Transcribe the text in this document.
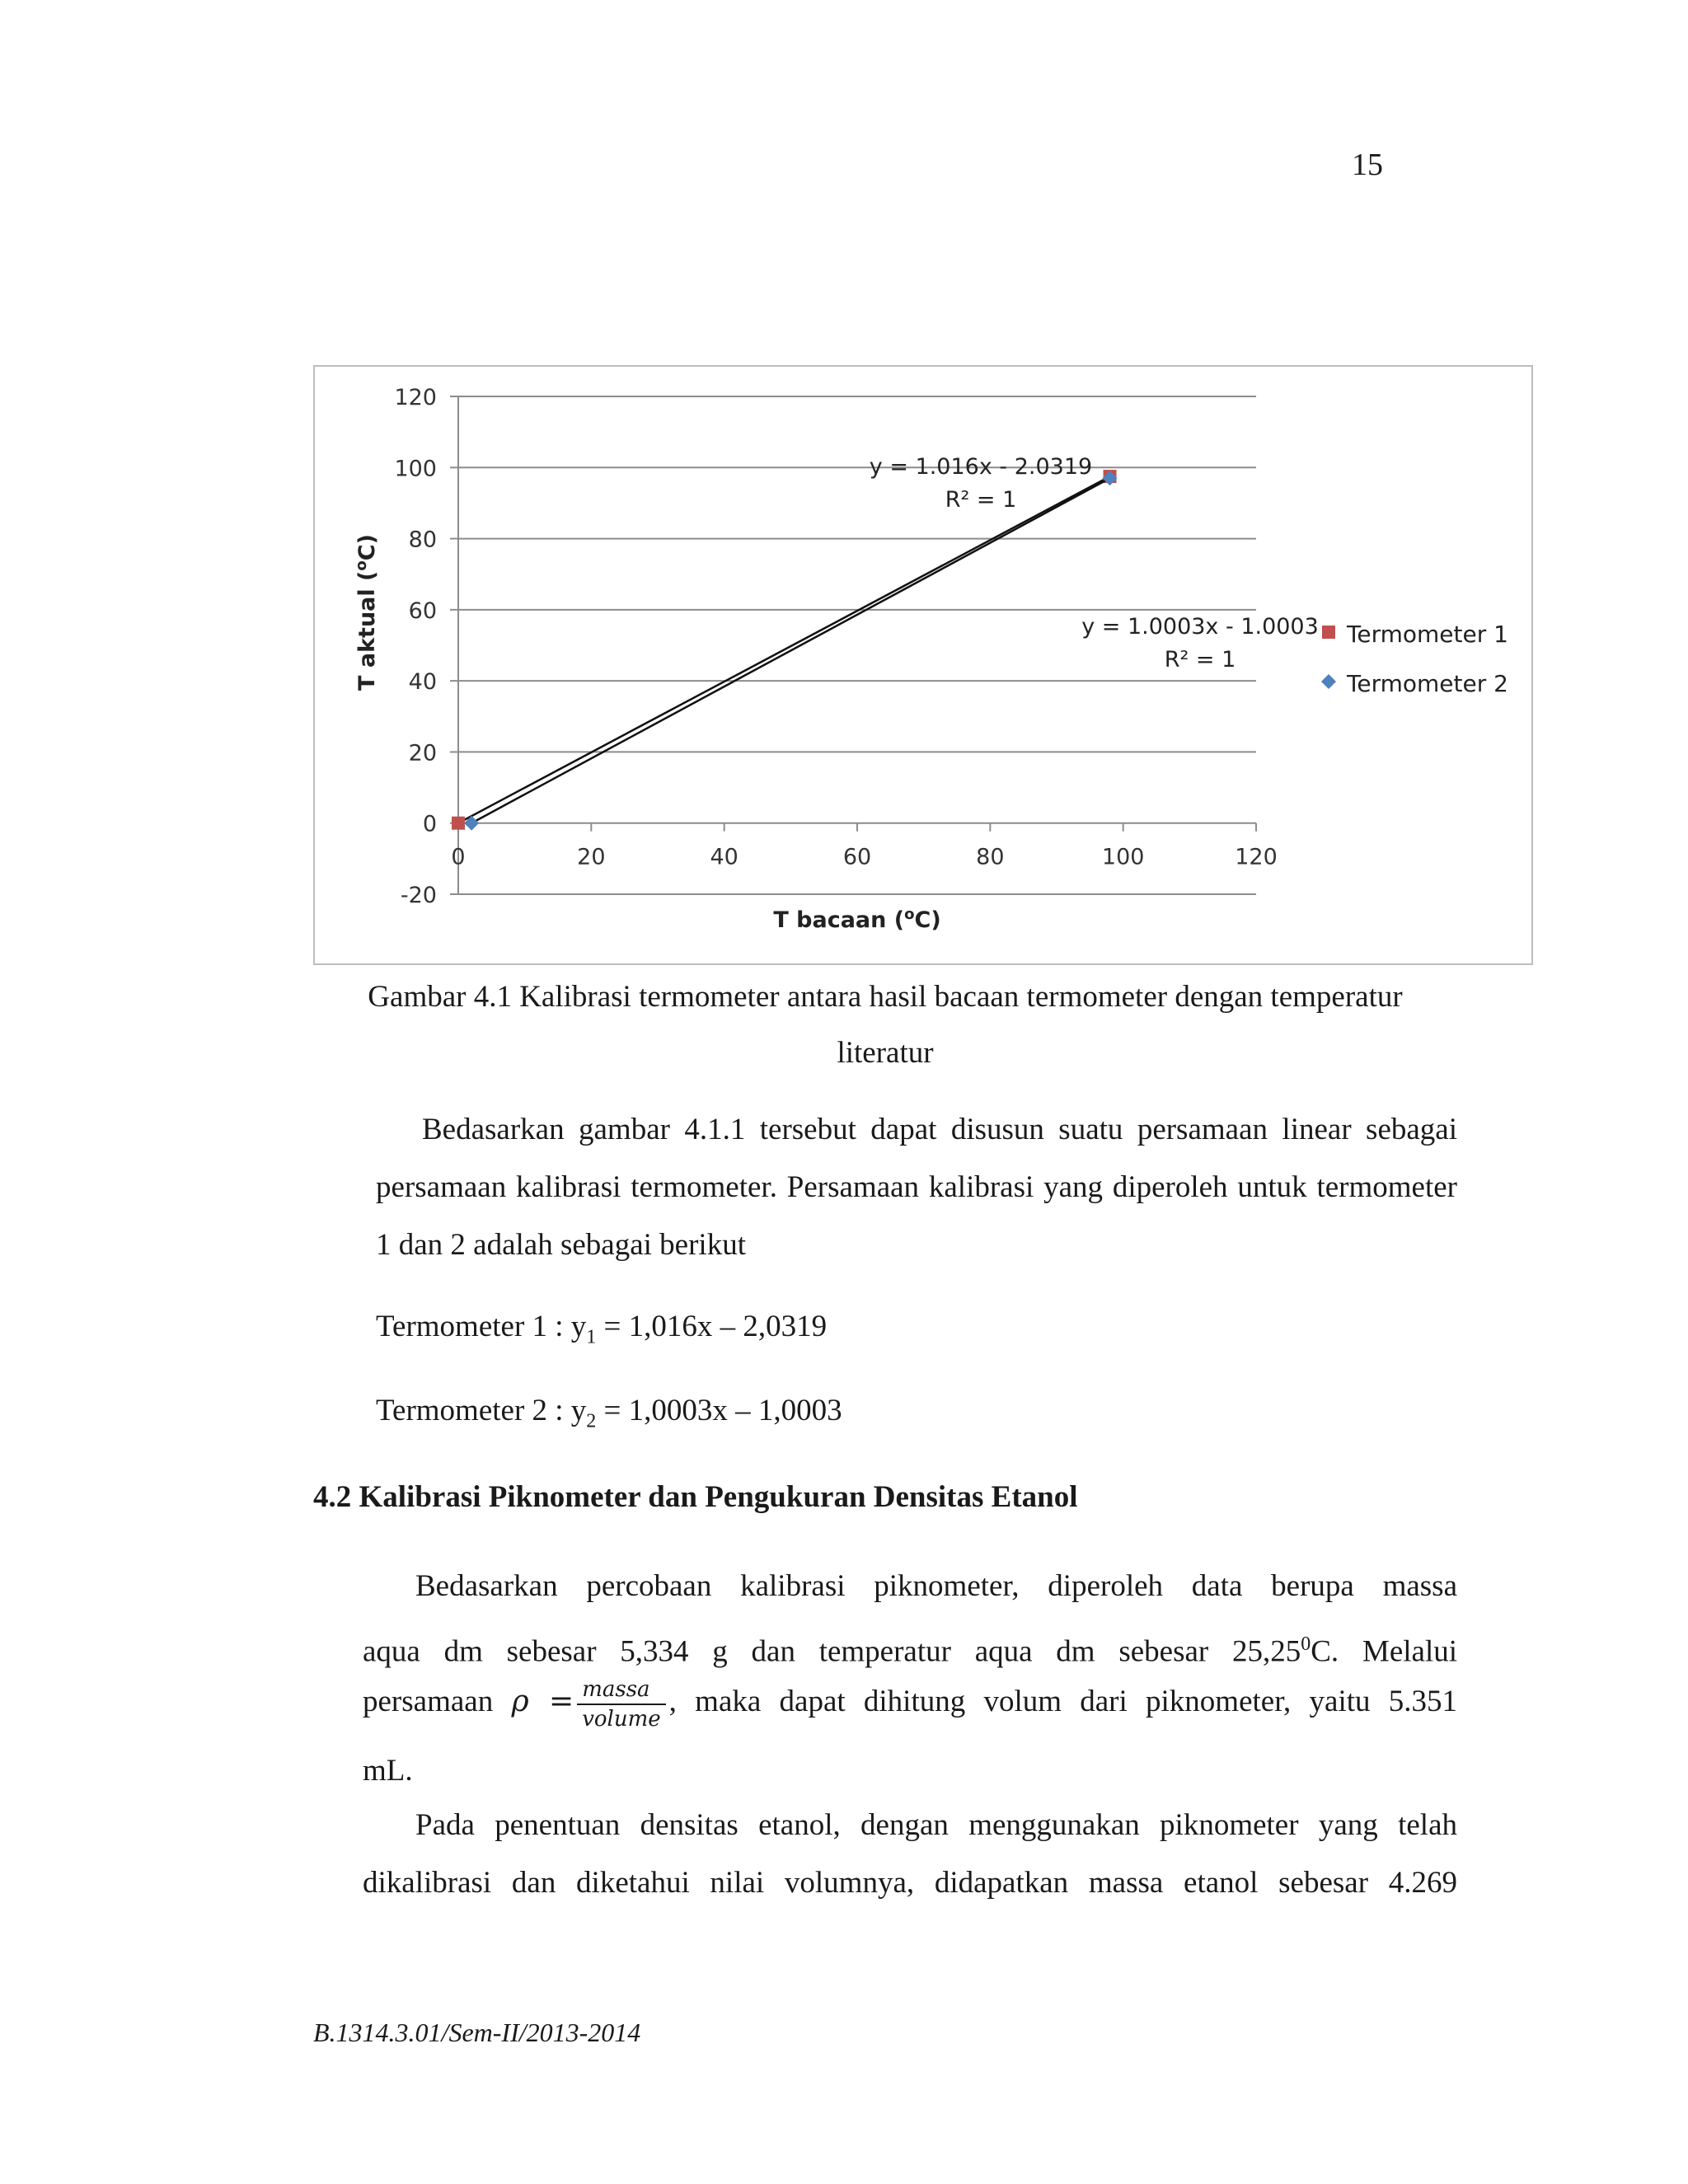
15
-20
0
20
40
60
80
100
120
0	20	40	60	80	100	120
T bacaan ($^o$C)
T aktual ($^o$C)
y = 1.016x - 2.0319
R² = 1
y = 1.0003x - 1.0003
R² = 1
Termometer 1
Termometer 2
Gambar 4.1 Kalibrasi termometer antara hasil bacaan termometer dengan temperatur
literatur
Bedasarkan gambar 4.1.1 tersebut dapat disusun suatu persamaan linear sebagai persamaan kalibrasi termometer. Persamaan kalibrasi yang diperoleh untuk termometer 1 dan 2 adalah sebagai berikut
Termometer 1 : $y_1 = 1,016x - 2,0319$
Termometer 2 : $y_2 = 1,0003x - 1,0003$
4.2 Kalibrasi Piknometer dan Pengukuran Densitas Etanol
Bedasarkan percobaan kalibrasi piknometer, diperoleh data berupa massa
aqua dm sebesar 5,334 g dan temperatur aqua dm sebesar 25,25$^0$C. Melalui
persamaan $\rho = \frac{\text{massa}}{\text{volume}}$ , maka dapat dihitung volum dari piknometer, yaitu 5.351
mL.
Pada penentuan densitas etanol, dengan menggunakan piknometer yang telah
dikalibrasi dan diketahui nilai volumnya, didapatkan massa etanol sebesar 4.269
B.1314.3.01/Sem-II/2013-2014
